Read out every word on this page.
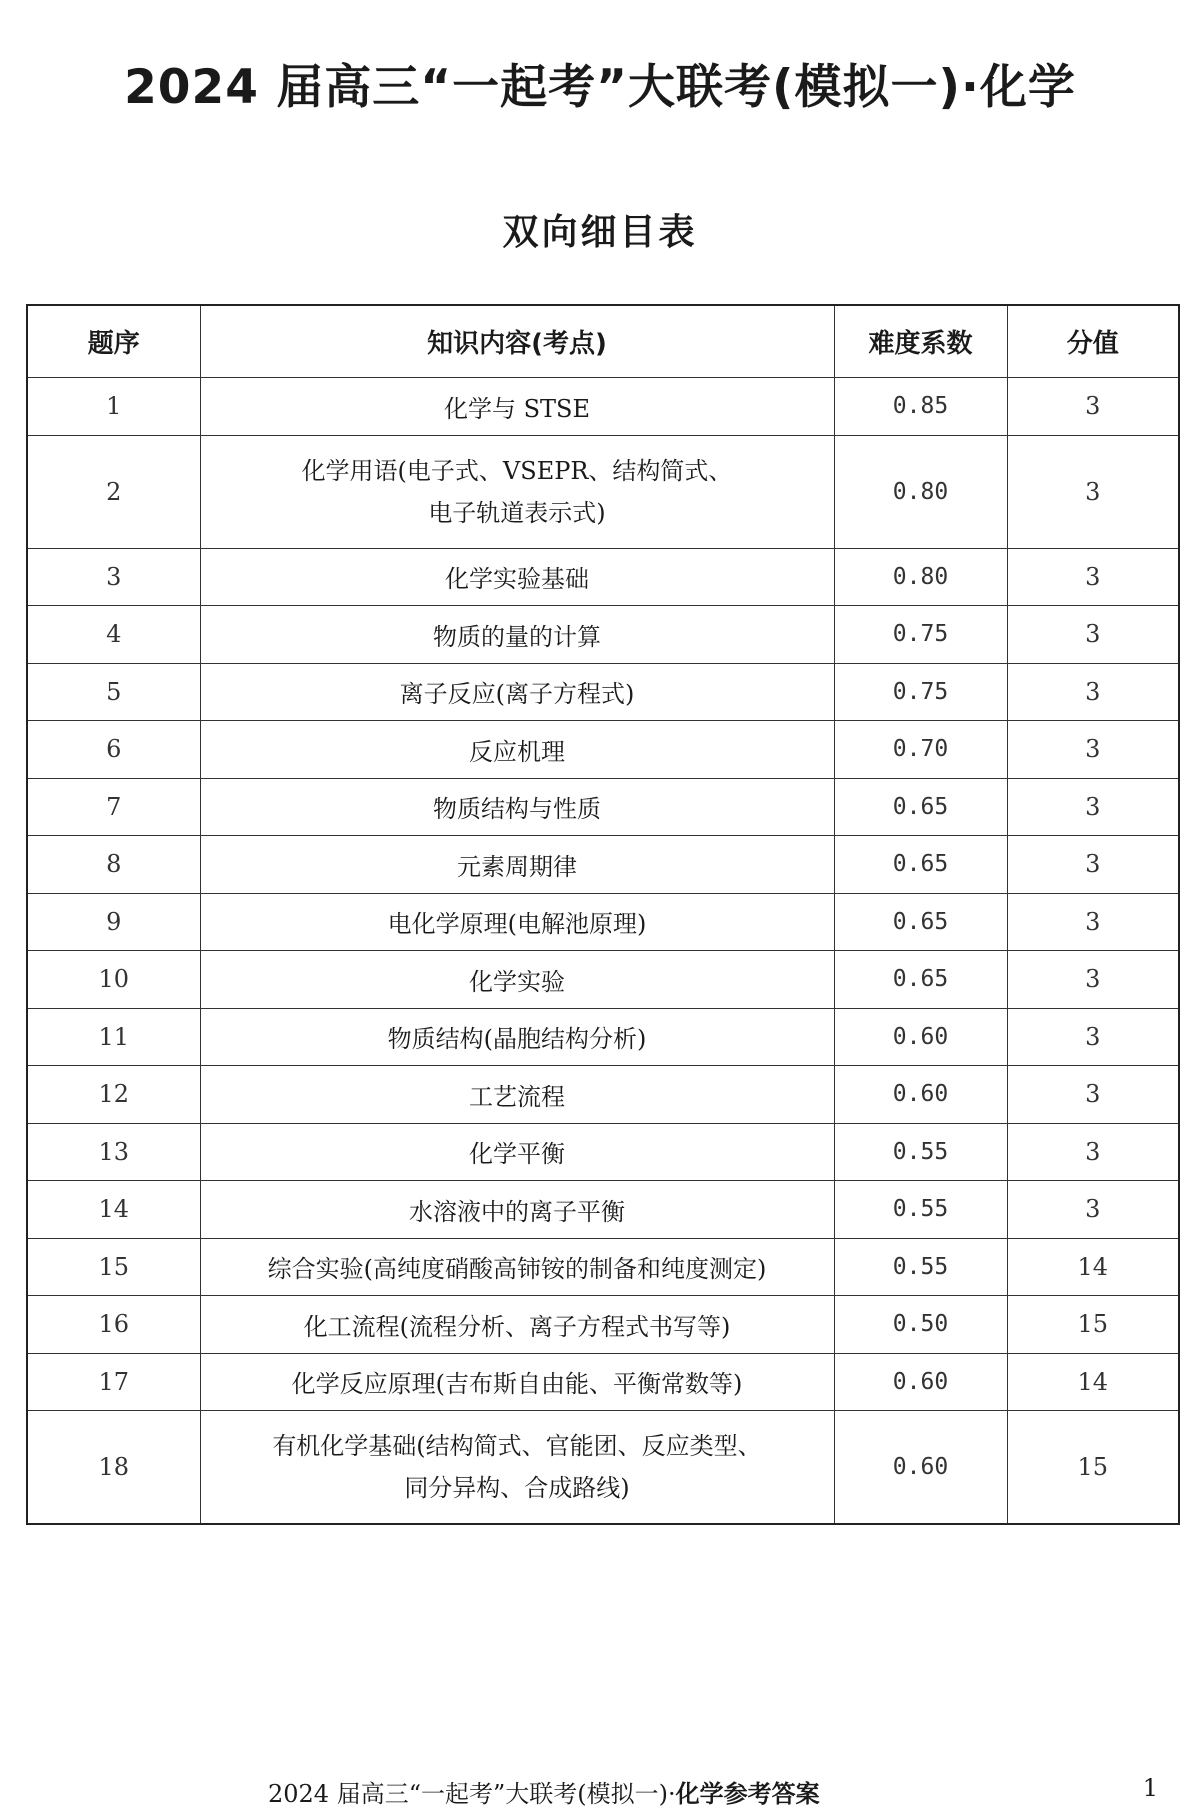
2024 届高三“一起考”大联考(模拟一)·化学
双向细目表
题序	知识内容(考点)	难度系数	分值
1	化学与 STSE	0.85	3
2	化学用语(电子式、VSEPR、结构简式、
电子轨道表示式)	0.80	3
3	化学实验基础	0.80	3
4	物质的量的计算	0.75	3
5	离子反应(离子方程式)	0.75	3
6	反应机理	0.70	3
7	物质结构与性质	0.65	3
8	元素周期律	0.65	3
9	电化学原理(电解池原理)	0.65	3
10	化学实验	0.65	3
11	物质结构(晶胞结构分析)	0.60	3
12	工艺流程	0.60	3
13	化学平衡	0.55	3
14	水溶液中的离子平衡	0.55	3
15	综合实验(高纯度硝酸高铈铵的制备和纯度测定)	0.55	14
16	化工流程(流程分析、离子方程式书写等)	0.50	15
17	化学反应原理(吉布斯自由能、平衡常数等)	0.60	14
18	有机化学基础(结构简式、官能团、反应类型、
同分异构、合成路线)	0.60	15
2024 届高三“一起考”大联考(模拟一)·化学参考答案	1
